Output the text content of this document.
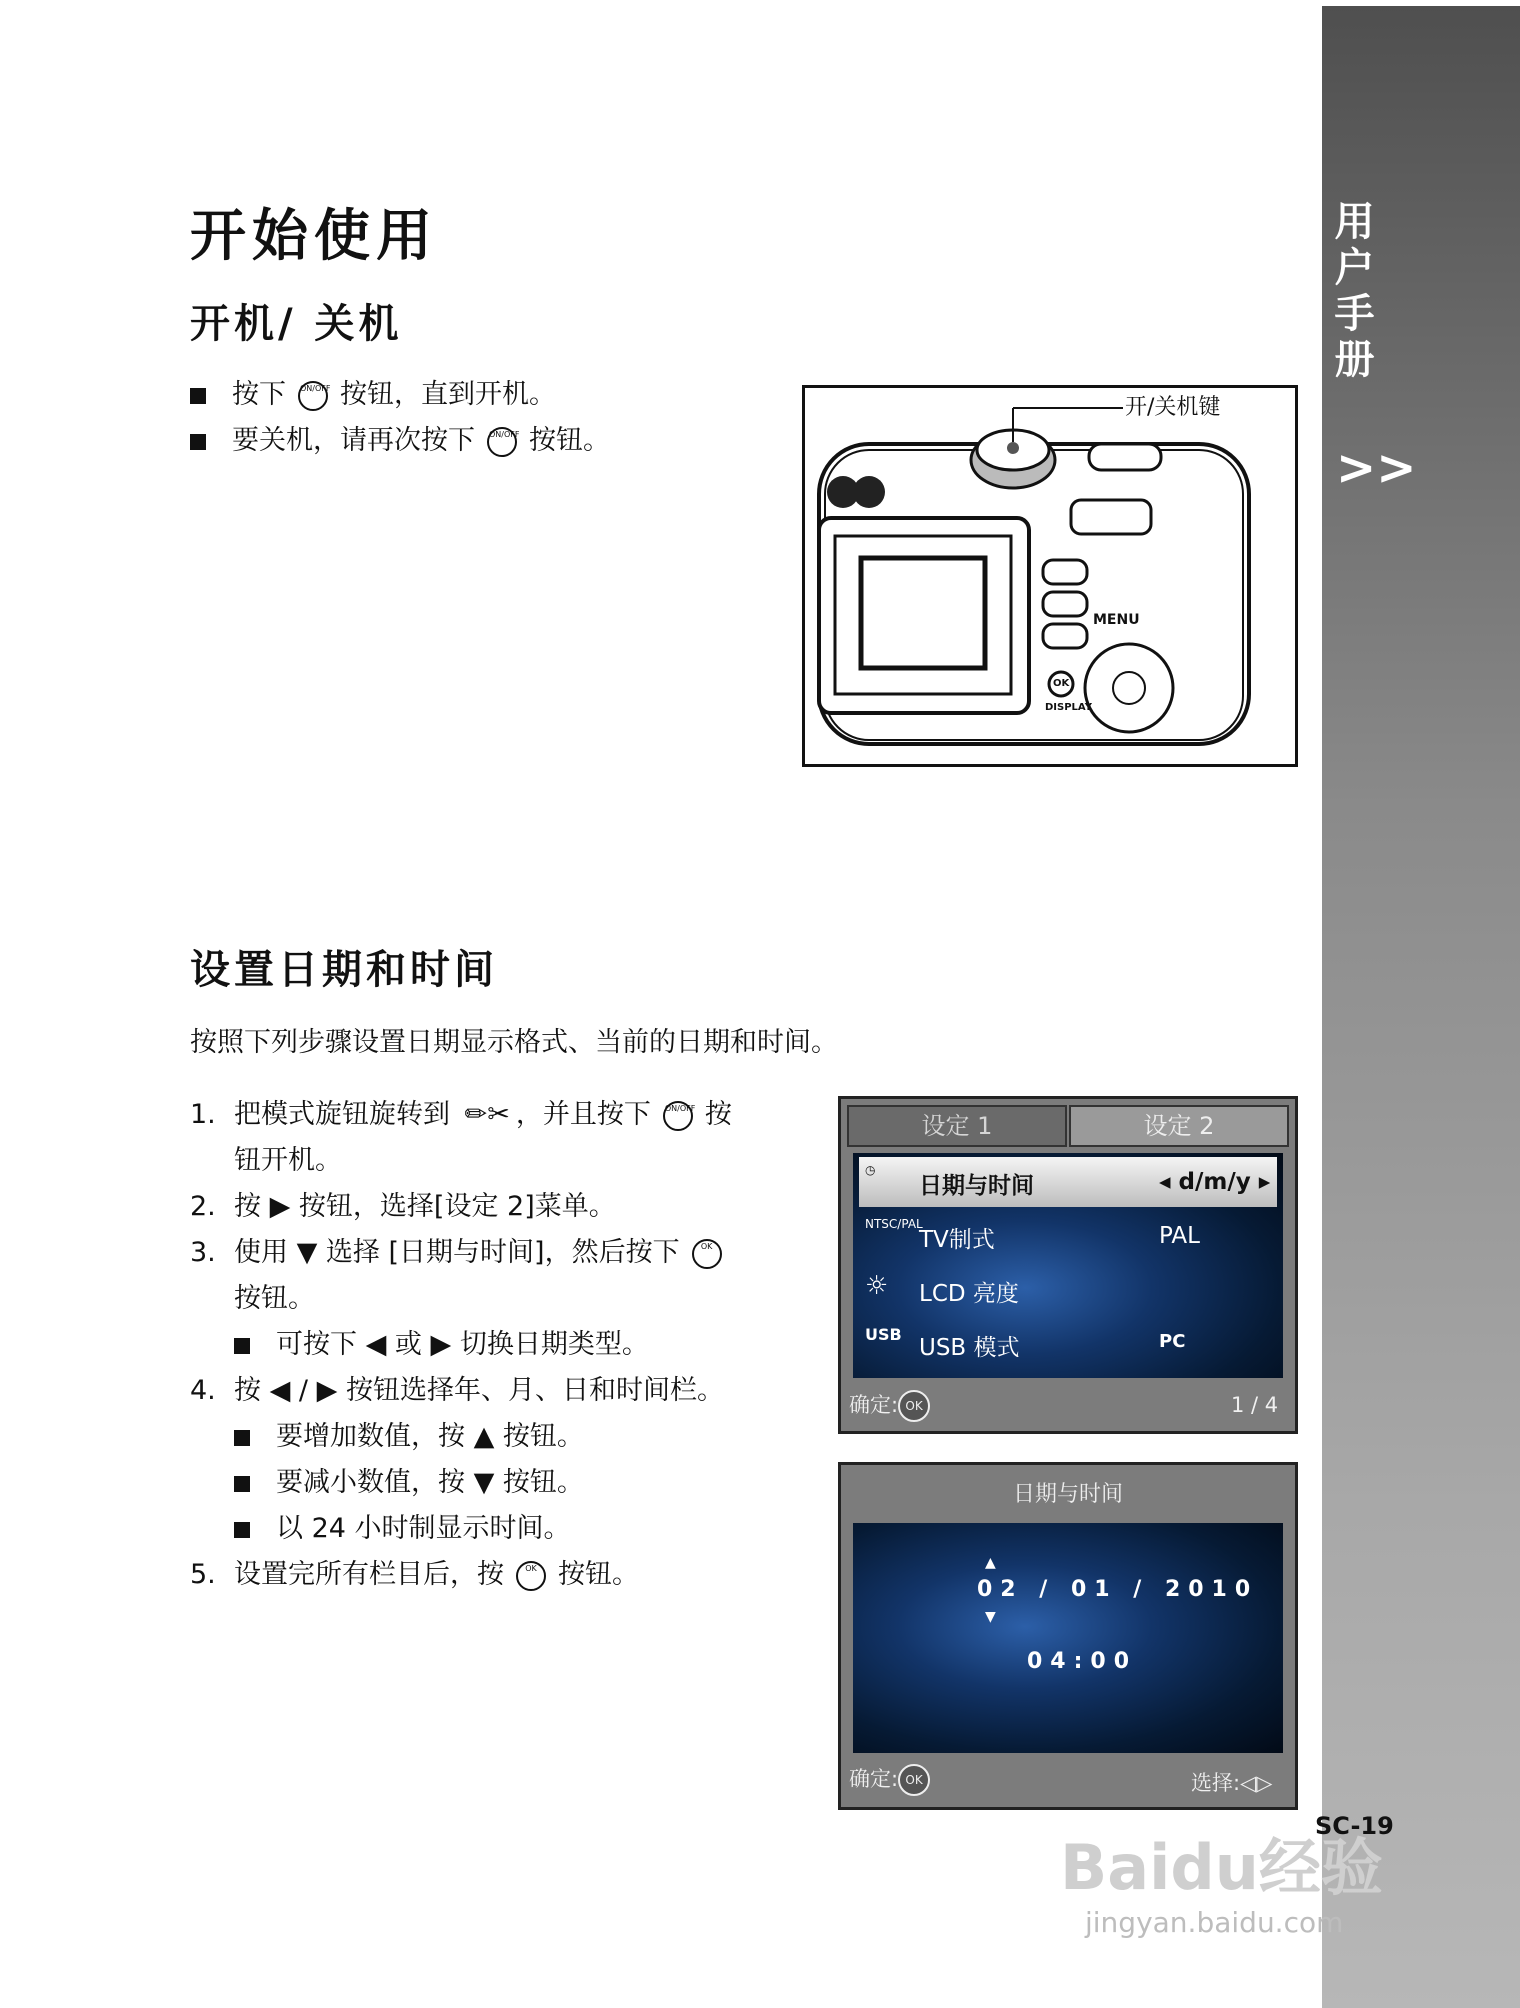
用户手册
>>
开始使用
开机/ 关机
按下 ON/OFF 按钮，直到开机。
要关机，请再次按下 ON/OFF 按钮。
MENU
DISPLAY
OK
开/关机键
设置日期和时间
按照下列步骤设置日期显示格式、当前的日期和时间。
1. 把模式旋钮旋转到 ✏✂ ，并且按下 ON/OFF 按
钮开机。
2. 按 ▶ 按钮，选择[设定 2]菜单。
3. 使用 ▼ 选择 [日期与时间]，然后按下	OK
按钮。
可按下 ◀ 或 ▶ 切换日期类型。
4. 按 ◀ / ▶ 按钮选择年、月、日和时间栏。
要增加数值，按 ▲ 按钮。
要减小数值，按 ▼ 按钮。
以 24 小时制显示时间。
5. 设置完所有栏目后，按	OK 按钮。
设定 1	设定 2
◷
日期与时间	◂ d/m/y ▸
NTSC/PAL
TV制式	PAL
☼	LCD 亮度
USB
USB 模式	PC
确定: OK	1 / 4
日期与时间
▲
02 / 01 / 2010
▼
04:00
确定: OK	选择:◁▷
SC-19
Baidu经验
jingyan.baidu.com
